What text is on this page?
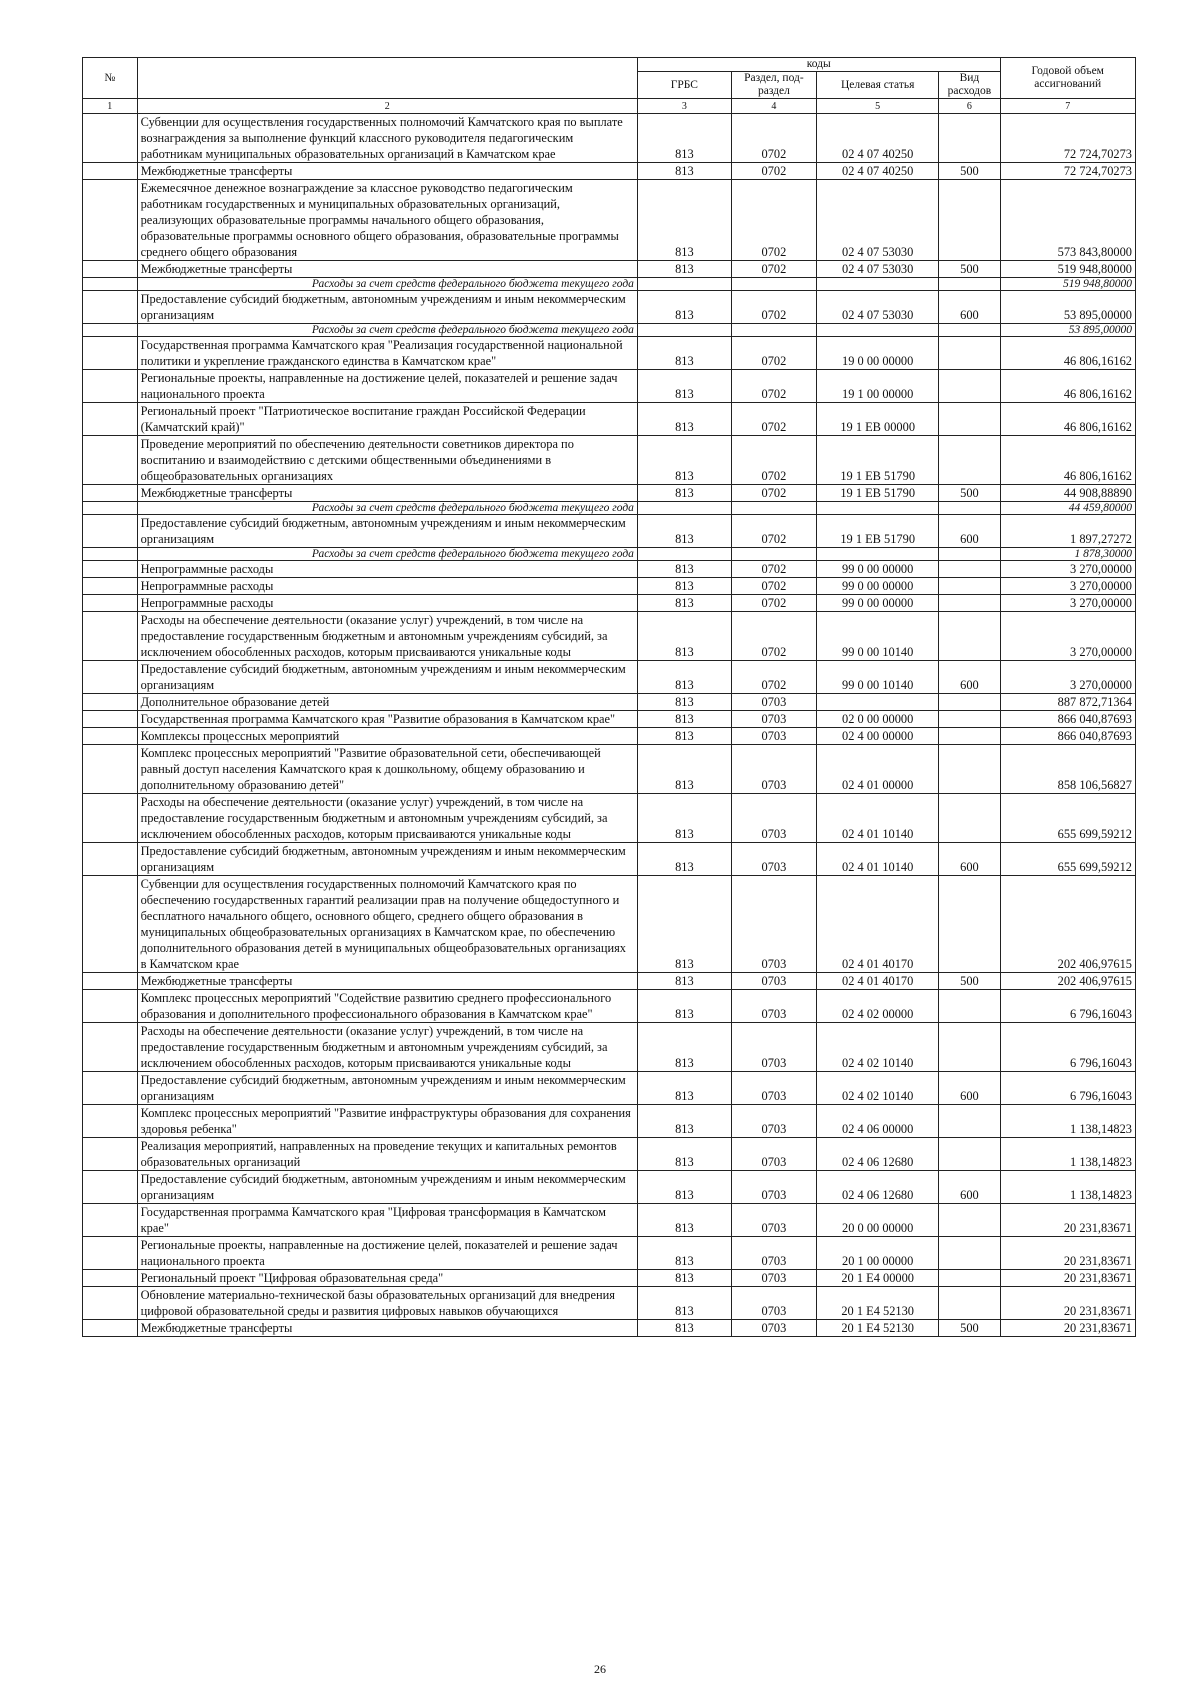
№		коды				Годовой объем ассигнований
		ГРБС	Раздел, под-раздел	Целевая статья	Вид расходов	
1	2	3	4	5	6	7
	Субвенции для осуществления государственных полномочий Камчатского края по выплате вознаграждения за выполнение функций классного руководителя педагогическим работникам муниципальных образовательных организаций в Камчатском крае	813	0702	02 4 07 40250		72 724,70273
	Межбюджетные трансферты	813	0702	02 4 07 40250	500	72 724,70273
	Ежемесячное денежное вознаграждение за классное руководство педагогическим работникам государственных и муниципальных образовательных организаций, реализующих образовательные программы начального общего образования, образовательные программы основного общего образования, образовательные программы среднего общего образования	813	0702	02 4 07 53030		573 843,80000
	Межбюджетные трансферты	813	0702	02 4 07 53030	500	519 948,80000
	Расходы за счет средств федерального бюджета текущего года					519 948,80000
	Предоставление субсидий бюджетным, автономным учреждениям и иным некоммерческим организациям	813	0702	02 4 07 53030	600	53 895,00000
	Расходы за счет средств федерального бюджета текущего года					53 895,00000
	Государственная программа Камчатского края "Реализация государственной национальной политики и укрепление гражданского единства в Камчатском крае"	813	0702	19 0 00 00000		46 806,16162
	Региональные проекты, направленные на достижение целей, показателей и решение задач национального проекта	813	0702	19 1 00 00000		46 806,16162
	Региональный проект "Патриотическое воспитание граждан Российской Федерации (Камчатский край)"	813	0702	19 1 ЕВ 00000		46 806,16162
	Проведение мероприятий по обеспечению деятельности советников директора по воспитанию и взаимодействию с детскими общественными объединениями в общеобразовательных организациях	813	0702	19 1 ЕВ 51790		46 806,16162
	Межбюджетные трансферты	813	0702	19 1 ЕВ 51790	500	44 908,88890
	Расходы за счет средств федерального бюджета текущего года					44 459,80000
	Предоставление субсидий бюджетным, автономным учреждениям и иным некоммерческим организациям	813	0702	19 1 ЕВ 51790	600	1 897,27272
	Расходы за счет средств федерального бюджета текущего года					1 878,30000
	Непрограммные расходы	813	0702	99 0 00 00000		3 270,00000
	Непрограммные расходы	813	0702	99 0 00 00000		3 270,00000
	Непрограммные расходы	813	0702	99 0 00 00000		3 270,00000
	Расходы на обеспечение деятельности (оказание услуг) учреждений, в том числе на предоставление государственным бюджетным и автономным учреждениям субсидий, за исключением обособленных расходов, которым присваиваются уникальные коды	813	0702	99 0 00 10140		3 270,00000
	Предоставление субсидий бюджетным, автономным учреждениям и иным некоммерческим организациям	813	0702	99 0 00 10140	600	3 270,00000
	Дополнительное образование детей	813	0703			887 872,71364
	Государственная программа Камчатского края "Развитие образования в Камчатском крае"	813	0703	02 0 00 00000		866 040,87693
	Комплексы процессных мероприятий	813	0703	02 4 00 00000		866 040,87693
	Комплекс процессных мероприятий "Развитие образовательной сети, обеспечивающей равный доступ населения Камчатского края к дошкольному, общему образованию и дополнительному образованию детей"	813	0703	02 4 01 00000		858 106,56827
	Расходы на обеспечение деятельности (оказание услуг) учреждений, в том числе на предоставление государственным бюджетным и автономным учреждениям субсидий, за исключением обособленных расходов, которым присваиваются уникальные коды	813	0703	02 4 01 10140		655 699,59212
	Предоставление субсидий бюджетным, автономным учреждениям и иным некоммерческим организациям	813	0703	02 4 01 10140	600	655 699,59212
	Субвенции для осуществления государственных полномочий Камчатского края по обеспечению государственных гарантий реализации прав на получение общедоступного и бесплатного начального общего, основного общего, среднего общего образования в муниципальных общеобразовательных организациях в Камчатском крае, по обеспечению дополнительного образования детей в муниципальных общеобразовательных организациях в Камчатском крае	813	0703	02 4 01 40170		202 406,97615
	Межбюджетные трансферты	813	0703	02 4 01 40170	500	202 406,97615
	Комплекс процессных мероприятий "Содействие развитию среднего профессионального образования и дополнительного профессионального образования в Камчатском крае"	813	0703	02 4 02 00000		6 796,16043
	Расходы на обеспечение деятельности (оказание услуг) учреждений, в том числе на предоставление государственным бюджетным и автономным учреждениям субсидий, за исключением обособленных расходов, которым присваиваются уникальные коды	813	0703	02 4 02 10140		6 796,16043
	Предоставление субсидий бюджетным, автономным учреждениям и иным некоммерческим организациям	813	0703	02 4 02 10140	600	6 796,16043
	Комплекс процессных мероприятий "Развитие инфраструктуры образования для сохранения здоровья ребенка"	813	0703	02 4 06 00000		1 138,14823
	Реализация мероприятий, направленных на проведение текущих и капитальных ремонтов образовательных организаций	813	0703	02 4 06 12680		1 138,14823
	Предоставление субсидий бюджетным, автономным учреждениям и иным некоммерческим организациям	813	0703	02 4 06 12680	600	1 138,14823
	Государственная программа Камчатского края "Цифровая трансформация в Камчатском крае"	813	0703	20 0 00 00000		20 231,83671
	Региональные проекты, направленные на достижение целей, показателей и решение задач национального проекта	813	0703	20 1 00 00000		20 231,83671
	Региональный проект "Цифровая образовательная среда"	813	0703	20 1 Е4 00000		20 231,83671
	Обновление материально-технической базы образовательных организаций для внедрения цифровой образовательной среды и развития цифровых навыков обучающихся	813	0703	20 1 Е4 52130		20 231,83671
	Межбюджетные трансферты	813	0703	20 1 Е4 52130	500	20 231,83671
26
